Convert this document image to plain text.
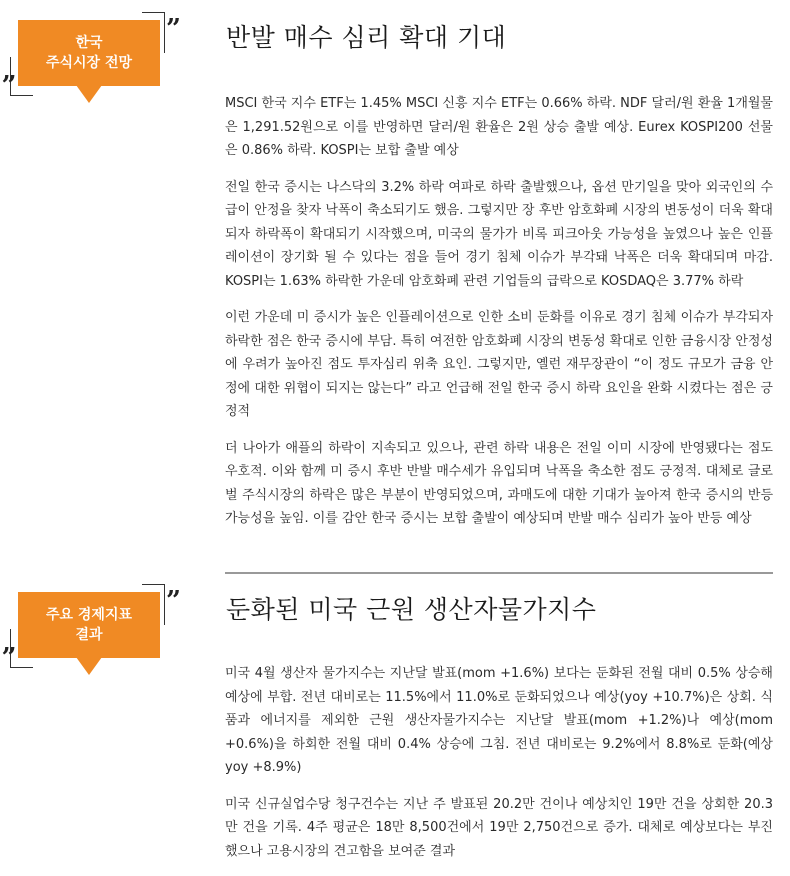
한국
주식시장 전망
”
„
반발 매수 심리 확대 기대

MSCI 한국 지수 ETF는 1.45% MSCI 신흥 지수 ETF는 0.66% 하락. NDF 달러/원 환율 1개월물은 1,291.52원으로 이를 반영하면 달러/원 환율은 2원 상승 출발 예상. Eurex KOSPI200 선물은 0.86% 하락. KOSPI는 보합 출발 예상

전일 한국 증시는 나스닥의 3.2% 하락 여파로 하락 출발했으나, 옵션 만기일을 맞아 외국인의 수급이 안정을 찾자 낙폭이 축소되기도 했음. 그렇지만 장 후반 암호화폐 시장의 변동성이 더욱 확대되자 하락폭이 확대되기 시작했으며, 미국의 물가가 비록 피크아웃 가능성을 높였으나 높은 인플레이션이 장기화 될 수 있다는 점을 들어 경기 침체 이슈가 부각돼 낙폭은 더욱 확대되며 마감. KOSPI는 1.63% 하락한 가운데 암호화폐 관련 기업들의 급락으로 KOSDAQ은 3.77% 하락

이런 가운데 미 증시가 높은 인플레이션으로 인한 소비 둔화를 이유로 경기 침체 이슈가 부각되자 하락한 점은 한국 증시에 부담. 특히 여전한 암호화폐 시장의 변동성 확대로 인한 금융시장 안정성에 우려가 높아진 점도 투자심리 위축 요인. 그렇지만, 옐런 재무장관이 “이 정도 규모가 금융 안정에 대한 위협이 되지는 않는다” 라고 언급해 전일 한국 증시 하락 요인을 완화 시켰다는 점은 긍정적

더 나아가 애플의 하락이 지속되고 있으나, 관련 하락 내용은 전일 이미 시장에 반영됐다는 점도 우호적. 이와 함께 미 증시 후반 반발 매수세가 유입되며 낙폭을 축소한 점도 긍정적. 대체로 글로벌 주식시장의 하락은 많은 부분이 반영되었으며, 과매도에 대한 기대가 높아져 한국 증시의 반등 가능성을 높임. 이를 감안 한국 증시는 보합 출발이 예상되며 반발 매수 심리가 높아 반등 예상

주요 경제지표
결과
”
„
둔화된 미국 근원 생산자물가지수

미국 4월 생산자 물가지수는 지난달 발표(mom +1.6%) 보다는 둔화된 전월 대비 0.5% 상승해 예상에 부합. 전년 대비로는 11.5%에서 11.0%로 둔화되었으나 예상(yoy +10.7%)은 상회. 식품과 에너지를 제외한 근원 생산자물가지수는 지난달 발표(mom +1.2%)나 예상(mom +0.6%)을 하회한 전월 대비 0.4% 상승에 그침. 전년 대비로는 9.2%에서 8.8%로 둔화(예상 yoy +8.9%)

미국 신규실업수당 청구건수는 지난 주 발표된 20.2만 건이나 예상치인 19만 건을 상회한 20.3만 건을 기록. 4주 평균은 18만 8,500건에서 19만 2,750건으로 증가. 대체로 예상보다는 부진 했으나 고용시장의 견고함을 보여준 결과
